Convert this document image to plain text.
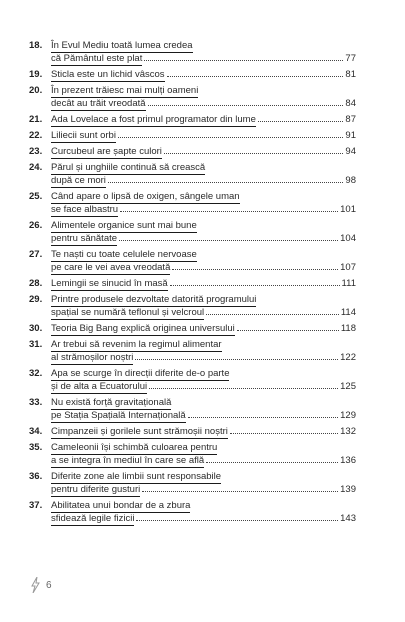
18. În Evul Mediu toată lumea credea
că Pământul este plat	77
19. Sticla este un lichid vâscos	81
20. În prezent trăiesc mai mulți oameni
decât au trăit vreodată	84
21. Ada Lovelace a fost primul programator din lume	87
22. Liliecii sunt orbi	91
23. Curcubeul are șapte culori	94
24. Părul și unghiile continuă să crească
după ce mori	98
25. Când apare o lipsă de oxigen, sângele uman
se face albastru	101
26. Alimentele organice sunt mai bune
pentru sănătate	104
27. Te naști cu toate celulele nervoase
pe care le vei avea vreodată	107
28. Lemingii se sinucid în masă	111
29. Printre produsele dezvoltate datorită programului
spațial se numără teflonul și velcroul	114
30. Teoria Big Bang explică originea universului	118
31. Ar trebui să revenim la regimul alimentar
al strămoșilor noștri	122
32. Apa se scurge în direcții diferite de-o parte
și de alta a Ecuatorului	125
33. Nu există forță gravitațională
pe Stația Spațială Internațională	129
34. Cimpanzeii și gorilele sunt strămoșii noștri	132
35. Cameleonii își schimbă culoarea pentru
a se integra în mediul în care se află	136
36. Diferite zone ale limbii sunt responsabile
pentru diferite gusturi	139
37. Abilitatea unui bondar de a zbura
sfidează legile fizicii	143
6
